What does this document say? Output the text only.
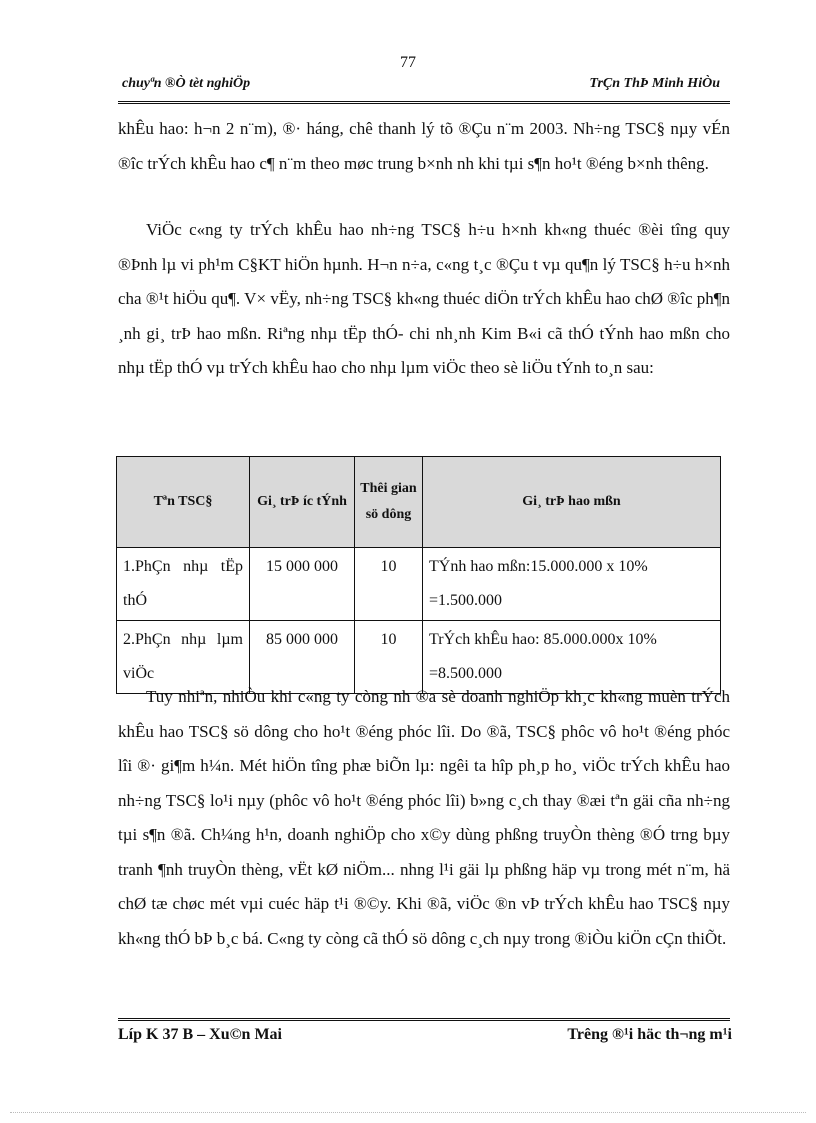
77
chuyªn ®Ò tèt nghiÖp	TrÇn ThÞ Minh HiÒu

khÊu hao: h¬n 2 n¨m), ®· háng, chê thanh lý tõ ®Çu n¨m 2003. Nh÷ng TSC§ nµy vÉn ®îc trÝch khÊu hao c¶ n¨m theo møc trung b×nh nh khi tµi s¶n ho¹t ®éng b×nh thêng.

ViÖc c«ng ty trÝch khÊu hao nh÷ng TSC§ h÷u h×nh kh«ng thuéc ®èi tîng quy ®Þnh lµ vi ph¹m C§KT hiÖn hµnh. H¬n n÷a, c«ng t¸c ®Çu t vµ qu¶n lý TSC§ h÷u h×nh cha ®¹t hiÖu qu¶. V× vËy, nh÷ng TSC§ kh«ng thuéc diÖn trÝch khÊu hao chØ ®îc ph¶n ¸nh gi¸ trÞ hao mßn. Riªng nhµ tËp thÓ- chi nh¸nh Kim B«i cã thÓ tÝnh hao mßn cho nhµ tËp thÓ vµ trÝch khÊu hao cho nhµ lµm viÖc theo sè liÖu tÝnh to¸n sau:

Tªn TSC§	Gi¸ trÞ íc tÝnh	Thêi gian sö dông	Gi¸ trÞ hao mßn

1.PhÇn nhµ tËp thÓ	15 000 000	10	TÝnh hao mßn:15.000.000 x 10%
=1.500.000

2.PhÇn nhµ lµm viÖc	85 000 000	10	TrÝch khÊu hao: 85.000.000x 10%
=8.500.000

Tuy nhiªn, nhiÒu khi c«ng ty còng nh ®a sè doanh nghiÖp kh¸c kh«ng muèn trÝch khÊu hao TSC§ sö dông cho ho¹t ®éng phóc lîi. Do ®ã, TSC§ phôc vô ho¹t ®éng phóc lîi ®· gi¶m h¼n. Mét hiÖn tîng phæ biÕn lµ: ngêi ta hîp ph¸p ho¸ viÖc trÝch khÊu hao nh÷ng TSC§ lo¹i nµy (phôc vô ho¹t ®éng phóc lîi) b»ng c¸ch thay ®æi tªn gäi cña nh÷ng tµi s¶n ®ã. Ch¼ng h¹n, doanh nghiÖp cho x©y dùng phßng truyÒn thèng ®Ó trng bµy tranh ¶nh truyÒn thèng, vËt kØ niÖm... nhng l¹i gäi lµ phßng häp vµ trong mét n¨m, hä chØ tæ chøc mét vµi cuéc häp t¹i ®©y. Khi ®ã, viÖc ®n vÞ trÝch khÊu hao TSC§ nµy kh«ng thÓ bÞ b¸c bá. C«ng ty còng cã thÓ sö dông c¸ch nµy trong ®iÒu kiÖn cÇn thiÕt.

Líp K 37 B – Xu©n Mai	Trêng ®¹i häc th¬ng m¹i
